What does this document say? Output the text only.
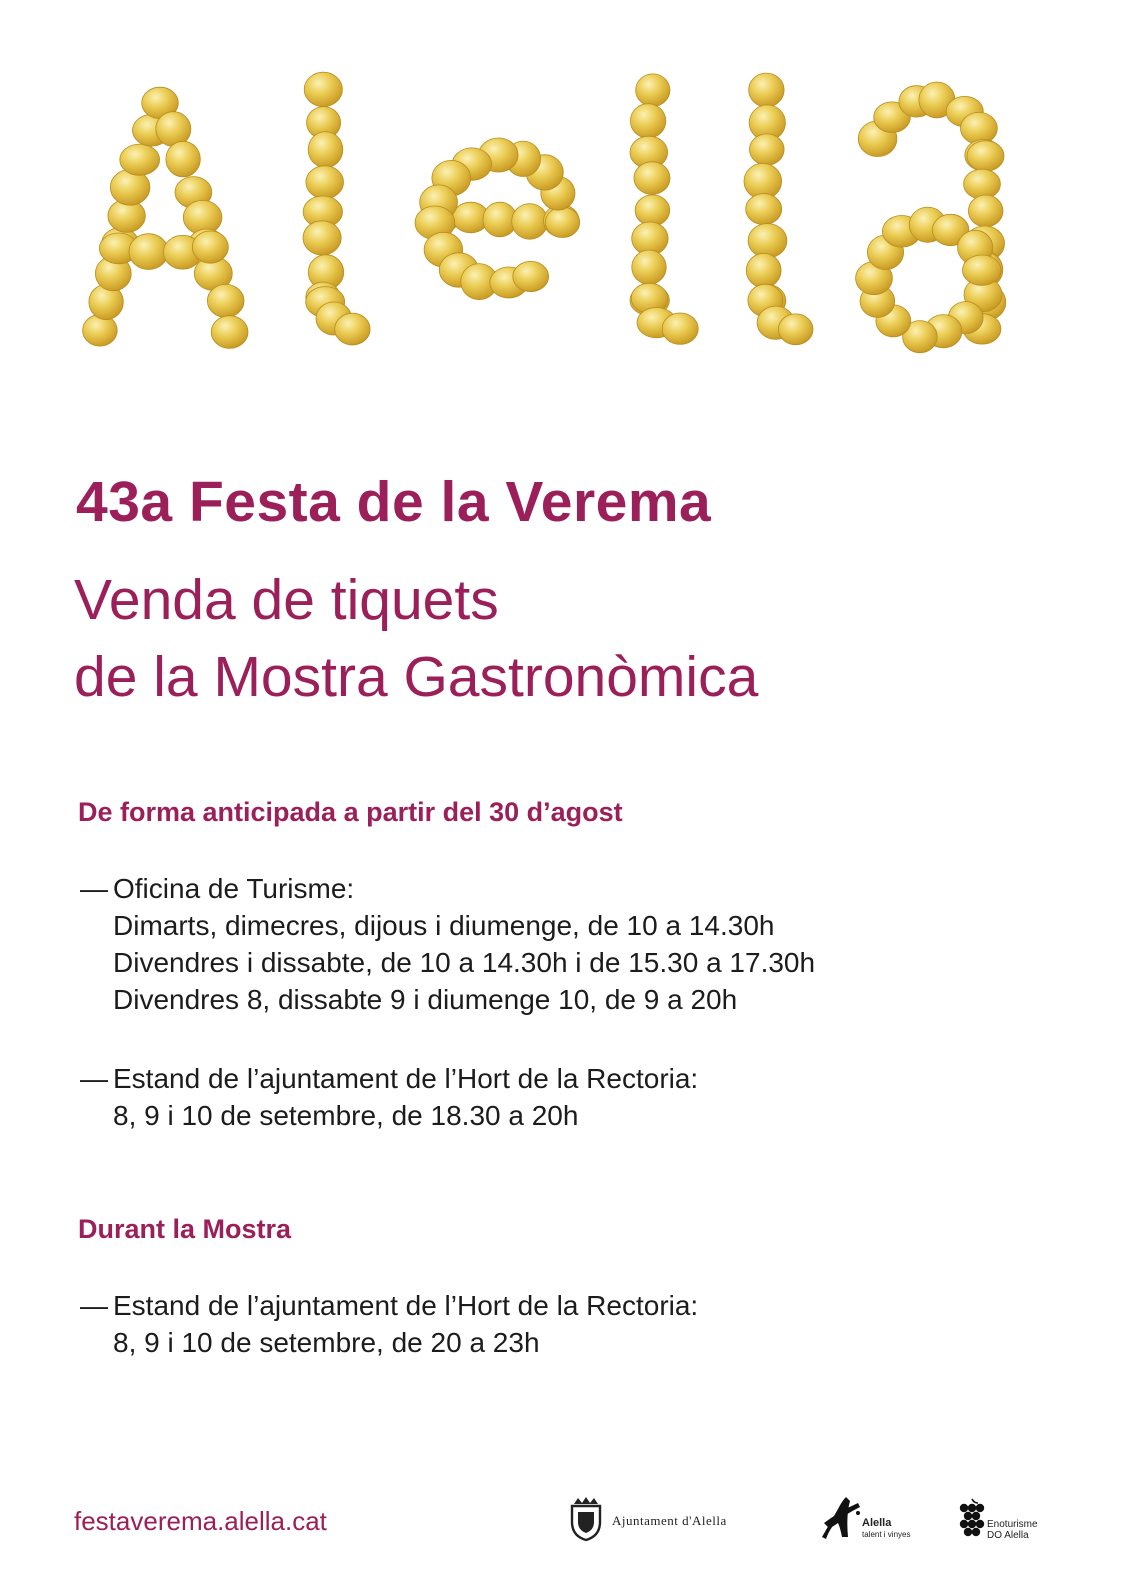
43a Festa de la Verema
Venda de tiquets
de la Mostra Gastronòmica
De forma anticipada a partir del 30 d’agost
— Oficina de Turisme:
Dimarts, dimecres, dijous i diumenge, de 10 a 14.30h
Divendres i dissabte, de 10 a 14.30h i de 15.30 a 17.30h
Divendres 8, dissabte 9 i diumenge 10, de 9 a 20h
— Estand de l’ajuntament de l’Hort de la Rectoria:
8, 9 i 10 de setembre, de 18.30 a 20h
Durant la Mostra
— Estand de l’ajuntament de l’Hort de la Rectoria:
8, 9 i 10 de setembre, de 20 a 23h
festaverema.alella.cat	Ajuntament d'Alella	Alella
talent i vinyes
Enoturisme
DO Alella
